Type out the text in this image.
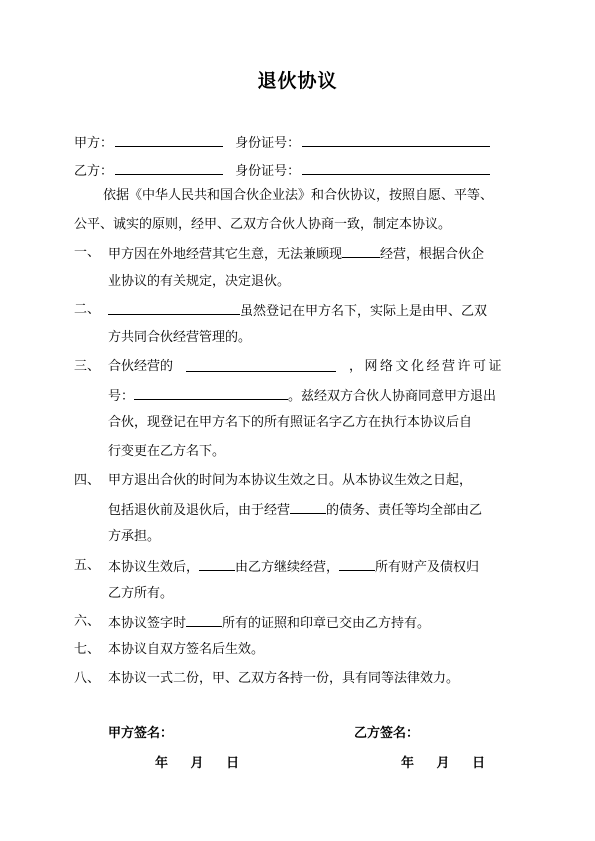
退伙协议
甲方：	身份证号：
乙方：	身份证号：
依据《中华人民共和国合伙企业法》和合伙协议，按照自愿、平等、
公平、诚实的原则，经甲、乙双方合伙人协商一致，制定本协议。
一、 甲方因在外地经营其它生意，无法兼顾现	经营，根据合伙企
业协议的有关规定，决定退伙。
二、	虽然登记在甲方名下，实际上是由甲、乙双
方共同合伙经营管理的。
三、 合伙经营的	，网络文化经营许可证
号：	。兹经双方合伙人协商同意甲方退出
合伙，现登记在甲方名下的所有照证名字乙方在执行本协议后自
行变更在乙方名下。
四、 甲方退出合伙的时间为本协议生效之日。从本协议生效之日起，
包括退伙前及退伙后，由于经营	的债务、责任等均全部由乙
方承担。
五、 本协议生效后，	由乙方继续经营，	所有财产及债权归
乙方所有。
六、 本协议签字时	所有的证照和印章已交由乙方持有。
七、 本协议自双方签名后生效。
八、 本协议一式二份，甲、乙双方各持一份，具有同等法律效力。
甲方签名：	乙方签名：
年 月 日	年 月 日
